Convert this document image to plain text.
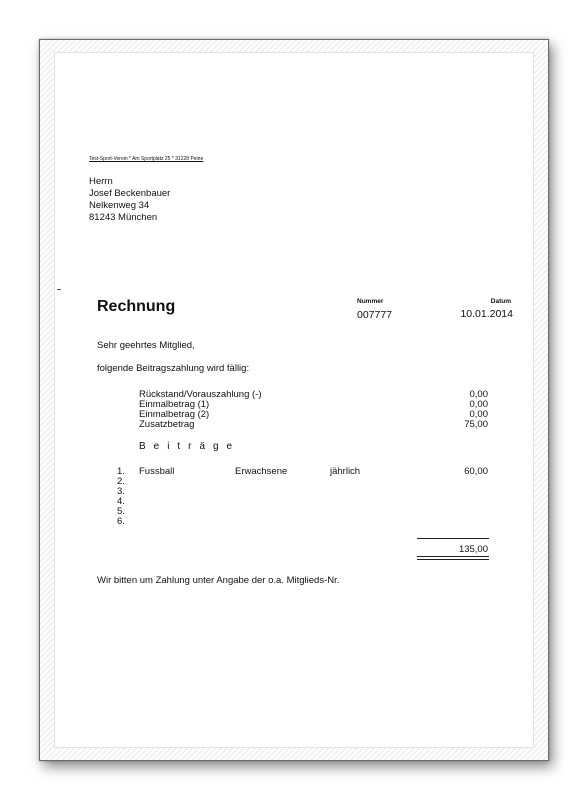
Test-Sport-Verein * Am Sportplatz 25 * 31228 Peine
Herrn
Josef Beckenbauer
Nelkenweg 34
81243 München
Rechnung	Nummer
007777
Datum
10.01.2014
Sehr geehrtes Mitglied,
folgende Beitragszahlung wird fällig:
Rückstand/Vorauszahlung (-)	0,00
Einmalbetrag (1)	0,00
Einmalbetrag (2)	0,00
Zusatzbetrag	75,00
B e i t r ä g e
1. Fussball	Erwachsene	jährlich	60,00
2.
3.
4.
5.
6.
135,00
Wir bitten um Zahlung unter Angabe der o.a. Mitglieds-Nr.
